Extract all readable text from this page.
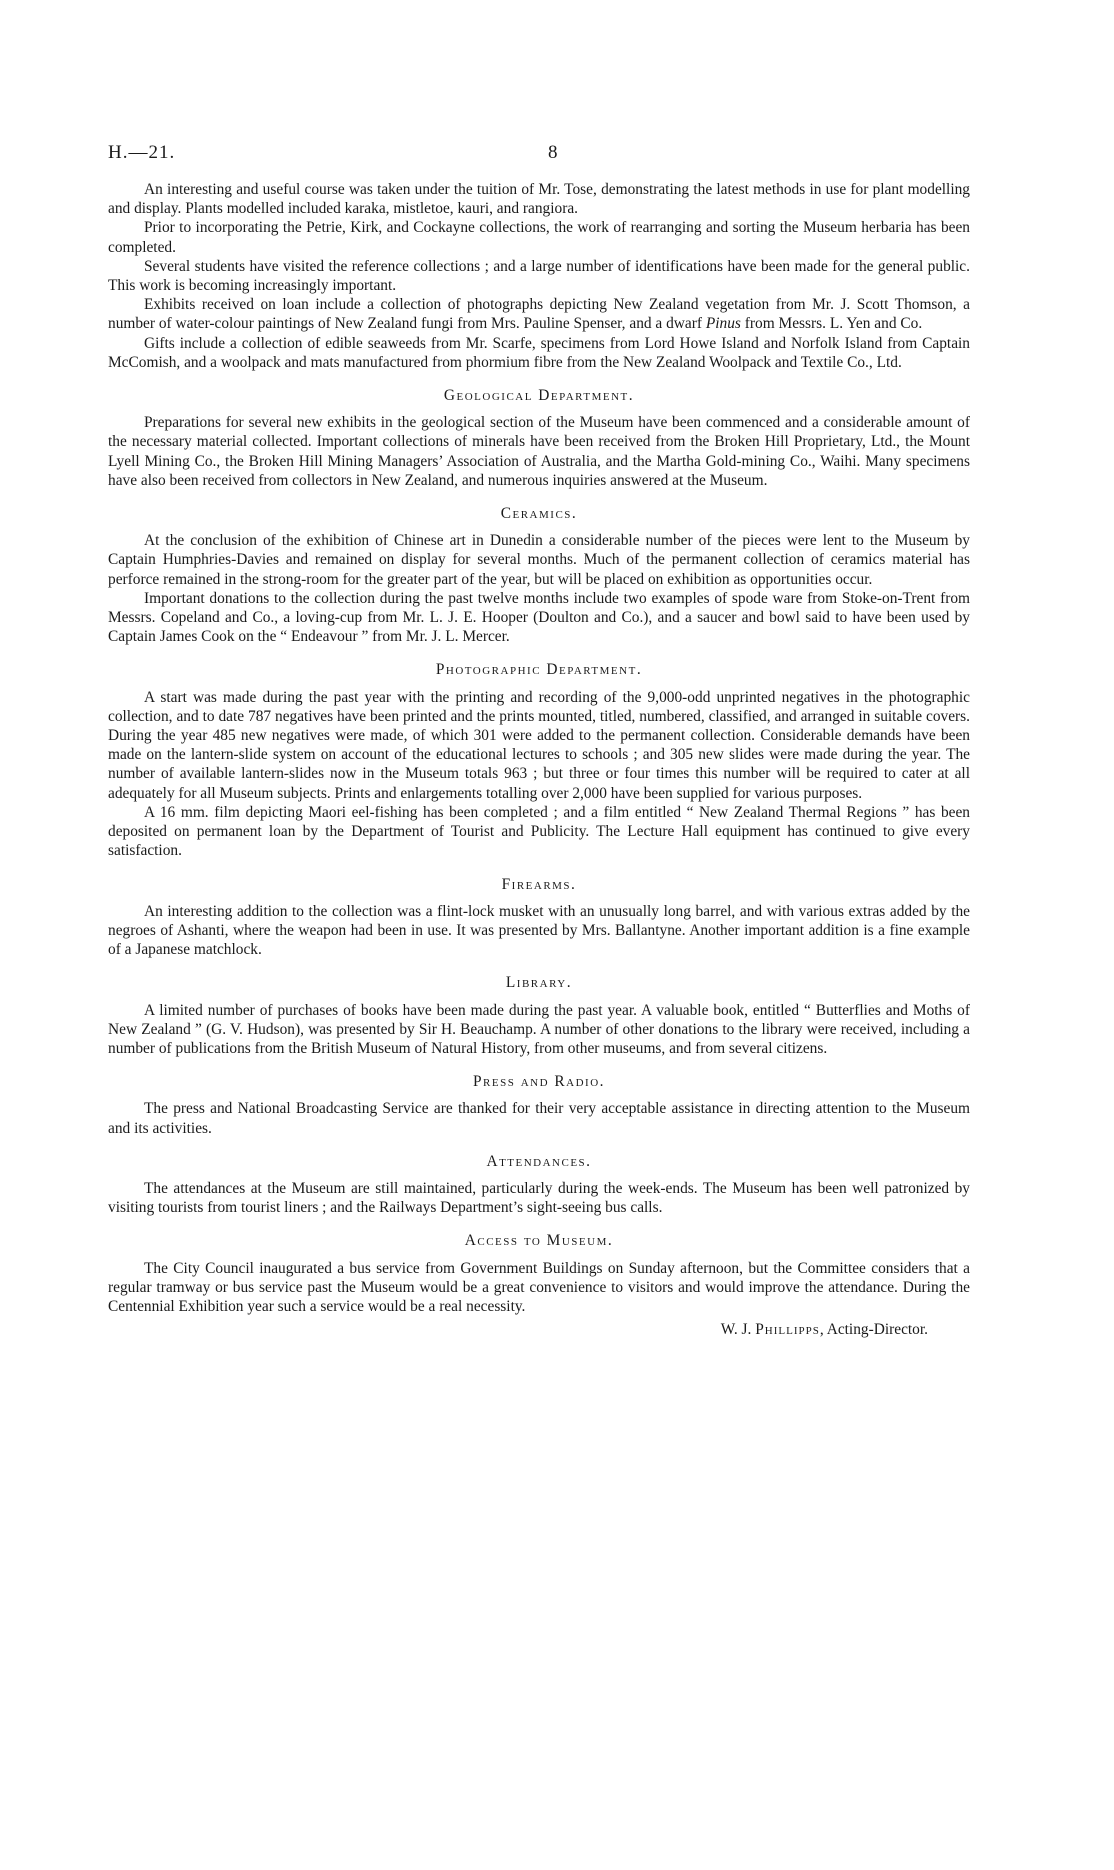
H.—21.	8

An interesting and useful course was taken under the tuition of Mr. Tose, demonstrating the latest methods in use for plant modelling and display. Plants modelled included karaka, mistletoe, kauri, and rangiora.

Prior to incorporating the Petrie, Kirk, and Cockayne collections, the work of rearranging and sorting the Museum herbaria has been completed.

Several students have visited the reference collections ; and a large number of identifications have been made for the general public. This work is becoming increasingly important.

Exhibits received on loan include a collection of photographs depicting New Zealand vegetation from Mr. J. Scott Thomson, a number of water-colour paintings of New Zealand fungi from Mrs. Pauline Spenser, and a dwarf Pinus from Messrs. L. Yen and Co.

Gifts include a collection of edible seaweeds from Mr. Scarfe, specimens from Lord Howe Island and Norfolk Island from Captain McComish, and a woolpack and mats manufactured from phormium fibre from the New Zealand Woolpack and Textile Co., Ltd.

Geological Department.

Preparations for several new exhibits in the geological section of the Museum have been commenced and a considerable amount of the necessary material collected. Important collections of minerals have been received from the Broken Hill Proprietary, Ltd., the Mount Lyell Mining Co., the Broken Hill Mining Managers’ Association of Australia, and the Martha Gold-mining Co., Waihi. Many specimens have also been received from collectors in New Zealand, and numerous inquiries answered at the Museum.

Ceramics.

At the conclusion of the exhibition of Chinese art in Dunedin a considerable number of the pieces were lent to the Museum by Captain Humphries-Davies and remained on display for several months. Much of the permanent collection of ceramics material has perforce remained in the strong-room for the greater part of the year, but will be placed on exhibition as opportunities occur.

Important donations to the collection during the past twelve months include two examples of spode ware from Stoke-on-Trent from Messrs. Copeland and Co., a loving-cup from Mr. L. J. E. Hooper (Doulton and Co.), and a saucer and bowl said to have been used by Captain James Cook on the “ Endeavour ” from Mr. J. L. Mercer.

Photographic Department.

A start was made during the past year with the printing and recording of the 9,000-odd unprinted negatives in the photographic collection, and to date 787 negatives have been printed and the prints mounted, titled, numbered, classified, and arranged in suitable covers. During the year 485 new negatives were made, of which 301 were added to the permanent collection. Considerable demands have been made on the lantern-slide system on account of the educational lectures to schools ; and 305 new slides were made during the year. The number of available lantern-slides now in the Museum totals 963 ; but three or four times this number will be required to cater at all adequately for all Museum subjects. Prints and enlargements totalling over 2,000 have been supplied for various purposes.

A 16 mm. film depicting Maori eel-fishing has been completed ; and a film entitled “ New Zealand Thermal Regions ” has been deposited on permanent loan by the Department of Tourist and Publicity. The Lecture Hall equipment has continued to give every satisfaction.

Firearms.

An interesting addition to the collection was a flint-lock musket with an unusually long barrel, and with various extras added by the negroes of Ashanti, where the weapon had been in use. It was presented by Mrs. Ballantyne. Another important addition is a fine example of a Japanese matchlock.

Library.

A limited number of purchases of books have been made during the past year. A valuable book, entitled “ Butterflies and Moths of New Zealand ” (G. V. Hudson), was presented by Sir H. Beauchamp. A number of other donations to the library were received, including a number of publications from the British Museum of Natural History, from other museums, and from several citizens.

Press and Radio.

The press and National Broadcasting Service are thanked for their very acceptable assistance in directing attention to the Museum and its activities.

Attendances.

The attendances at the Museum are still maintained, particularly during the week-ends. The Museum has been well patronized by visiting tourists from tourist liners ; and the Railways Department’s sight-seeing bus calls.

Access to Museum.

The City Council inaugurated a bus service from Government Buildings on Sunday afternoon, but the Committee considers that a regular tramway or bus service past the Museum would be a great convenience to visitors and would improve the attendance. During the Centennial Exhibition year such a service would be a real necessity.

W. J. Phillipps, Acting-Director.
